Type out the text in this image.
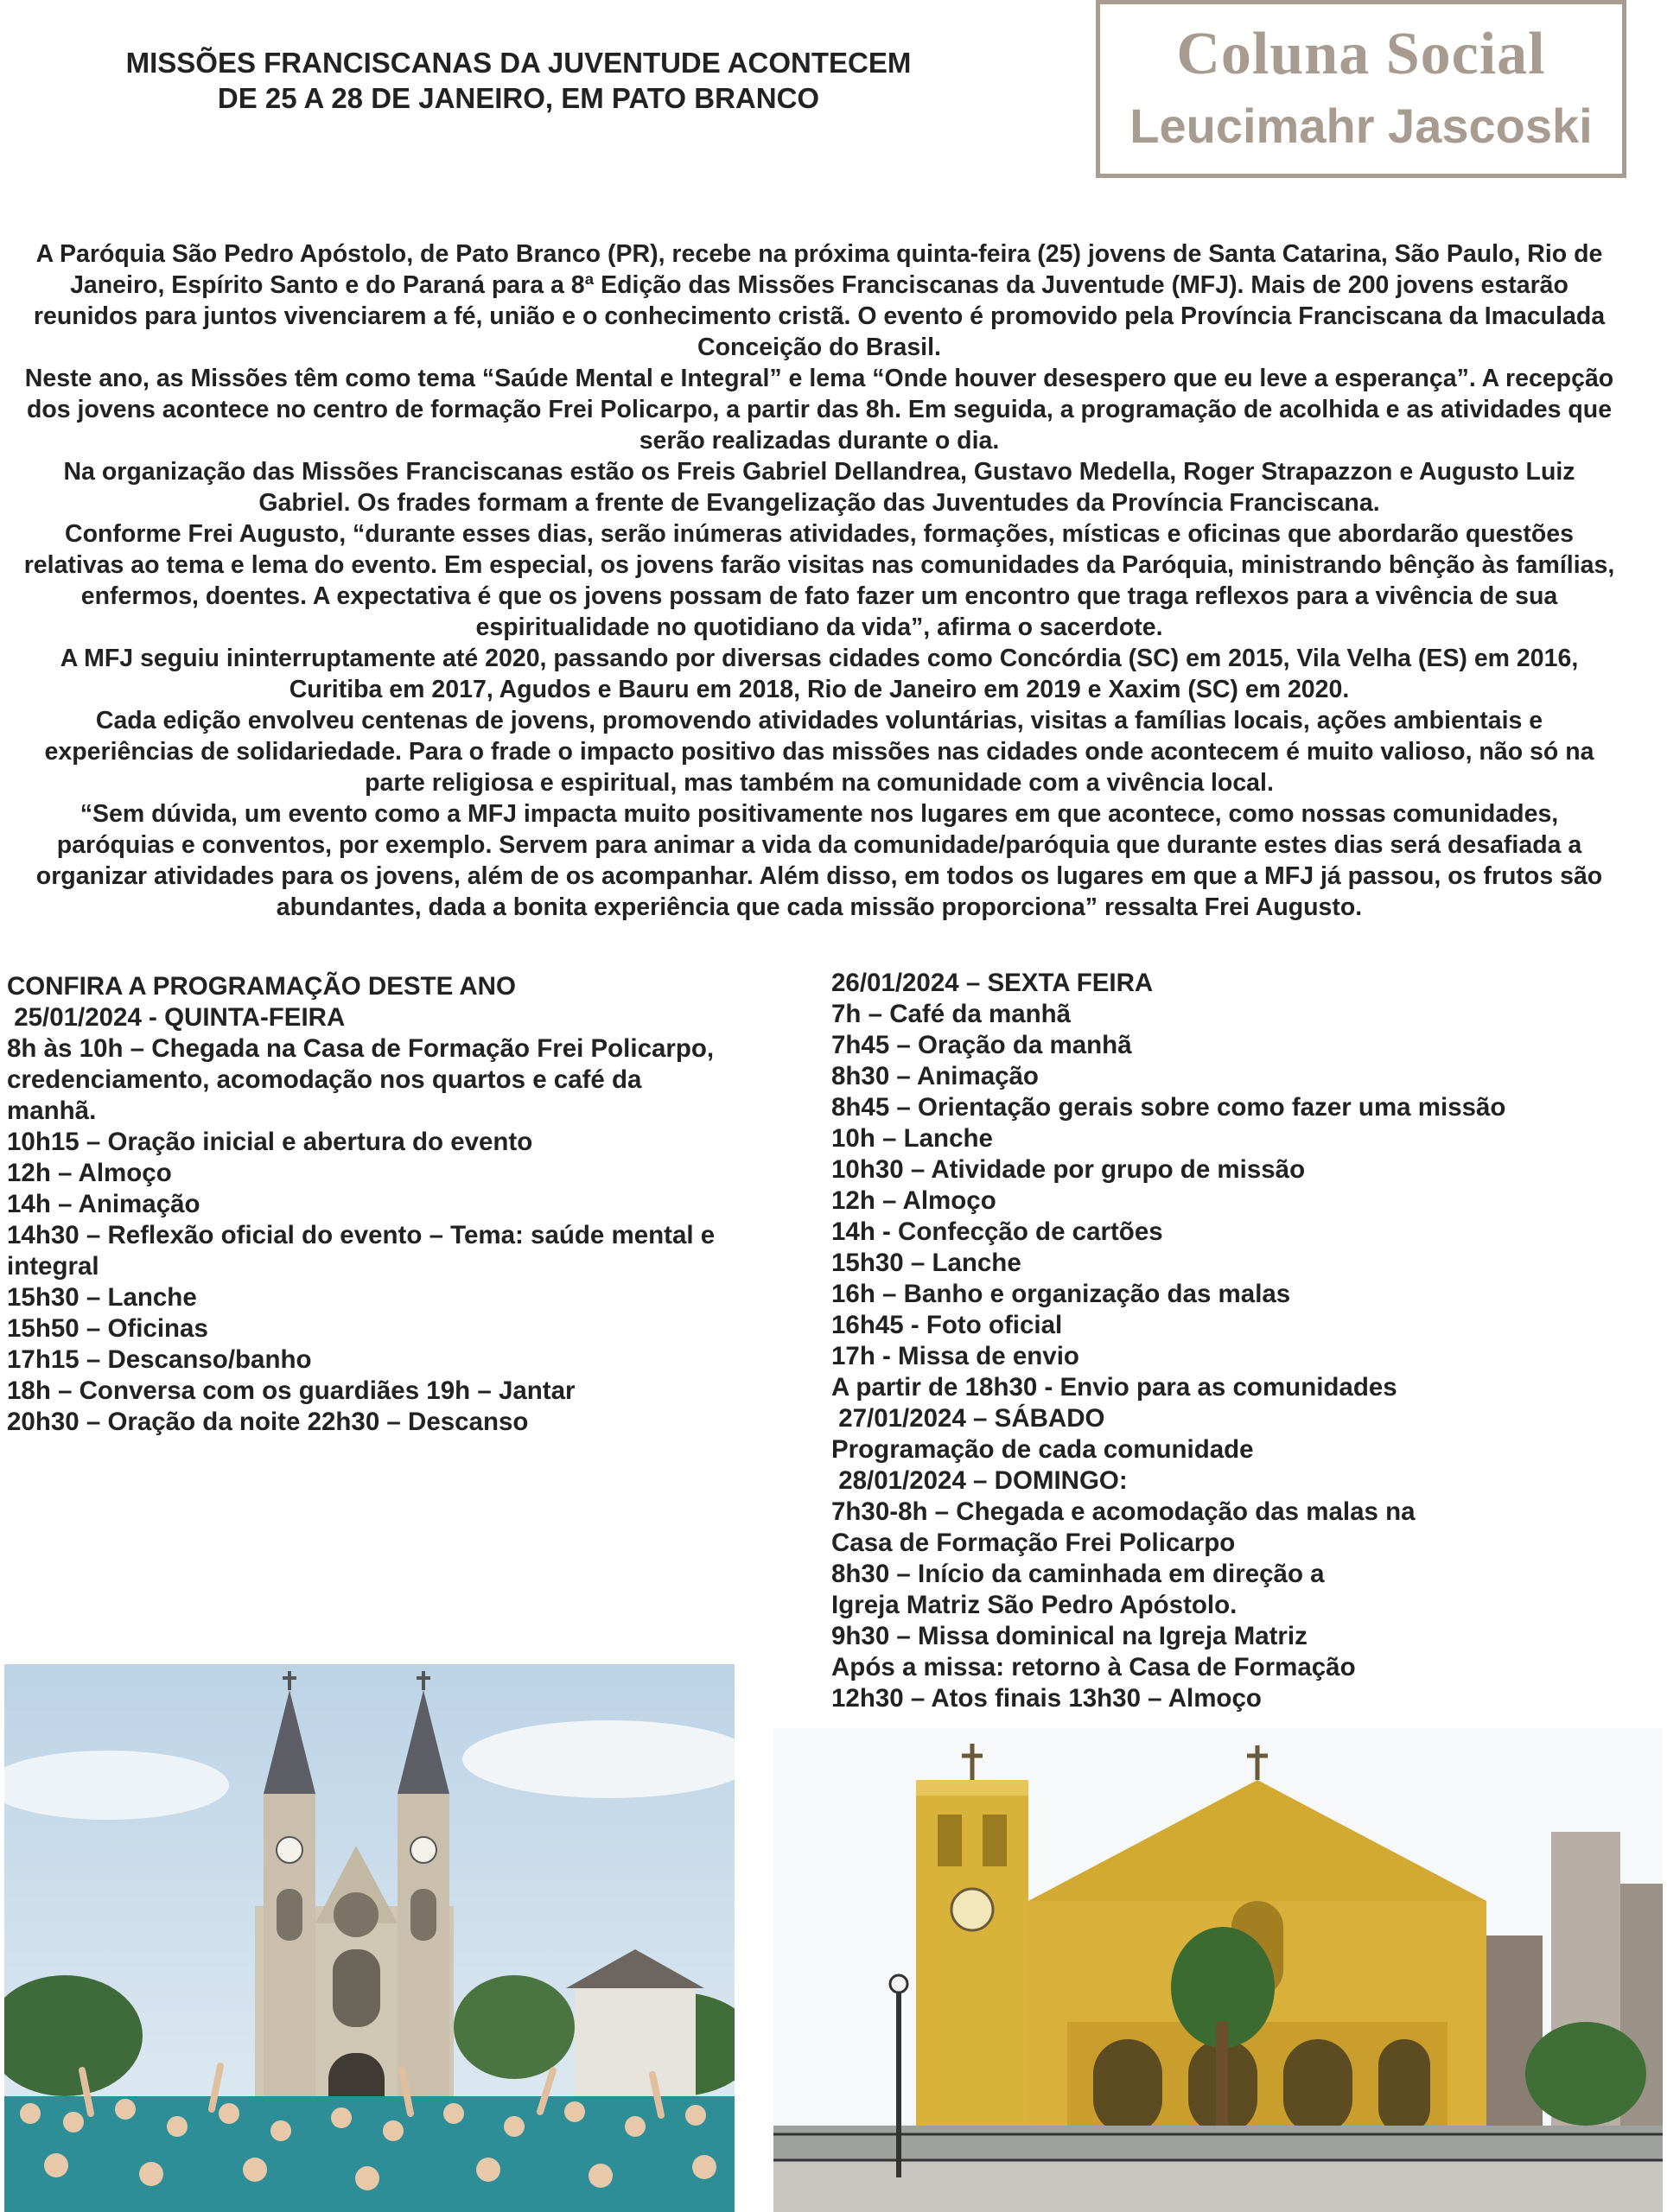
MISSÕES FRANCISCANAS DA JUVENTUDE ACONTECEM
DE 25 A 28 DE JANEIRO, EM PATO BRANCO
Coluna Social
Leucimahr Jascoski

A Paróquia São Pedro Apóstolo, de Pato Branco (PR), recebe na próxima quinta-feira (25) jovens de Santa Catarina, São Paulo, Rio de Janeiro, Espírito Santo e do Paraná para a 8ª Edição das Missões Franciscanas da Juventude (MFJ). Mais de 200 jovens estarão reunidos para juntos vivenciarem a fé, união e o conhecimento cristã. O evento é promovido pela Província Franciscana da Imaculada Conceição do Brasil.

Neste ano, as Missões têm como tema “Saúde Mental e Integral” e lema “Onde houver desespero que eu leve a esperança”. A recepção dos jovens acontece no centro de formação Frei Policarpo, a partir das 8h. Em seguida, a programação de acolhida e as atividades que serão realizadas durante o dia.

Na organização das Missões Franciscanas estão os Freis Gabriel Dellandrea, Gustavo Medella, Roger Strapazzon e Augusto Luiz Gabriel. Os frades formam a frente de Evangelização das Juventudes da Província Franciscana.

Conforme Frei Augusto, “durante esses dias, serão inúmeras atividades, formações, místicas e oficinas que abordarão questões relativas ao tema e lema do evento. Em especial, os jovens farão visitas nas comunidades da Paróquia, ministrando bênção às famílias, enfermos, doentes. A expectativa é que os jovens possam de fato fazer um encontro que traga reflexos para a vivência de sua espiritualidade no quotidiano da vida”, afirma o sacerdote.

A MFJ seguiu ininterruptamente até 2020, passando por diversas cidades como Concórdia (SC) em 2015, Vila Velha (ES) em 2016, Curitiba em 2017, Agudos e Bauru em 2018, Rio de Janeiro em 2019 e Xaxim (SC) em 2020.

Cada edição envolveu centenas de jovens, promovendo atividades voluntárias, visitas a famílias locais, ações ambientais e experiências de solidariedade. Para o frade o impacto positivo das missões nas cidades onde acontecem é muito valioso, não só na parte religiosa e espiritual, mas também na comunidade com a vivência local.

“Sem dúvida, um evento como a MFJ impacta muito positivamente nos lugares em que acontece, como nossas comunidades, paróquias e conventos, por exemplo. Servem para animar a vida da comunidade/paróquia que durante estes dias será desafiada a organizar atividades para os jovens, além de os acompanhar. Além disso, em todos os lugares em que a MFJ já passou, os frutos são abundantes, dada a bonita experiência que cada missão proporciona” ressalta Frei Augusto.

CONFIRA A PROGRAMAÇÃO DESTE ANO
25/01/2024 - QUINTA-FEIRA
8h às 10h – Chegada na Casa de Formação Frei Policarpo,
credenciamento, acomodação nos quartos e café da manhã.
10h15 – Oração inicial e abertura do evento
12h – Almoço
14h – Animação
14h30 – Reflexão oficial do evento – Tema: saúde mental e integral
15h30 – Lanche
15h50 – Oficinas
17h15 – Descanso/banho
18h – Conversa com os guardiães 19h – Jantar
20h30 – Oração da noite 22h30 – Descanso
26/01/2024 – SEXTA FEIRA
7h – Café da manhã
7h45 – Oração da manhã
8h30 – Animação
8h45 – Orientação gerais sobre como fazer uma missão
10h – Lanche
10h30 – Atividade por grupo de missão
12h – Almoço
14h - Confecção de cartões
15h30 – Lanche
16h – Banho e organização das malas
16h45 - Foto oficial
17h - Missa de envio
A partir de 18h30 - Envio para as comunidades
27/01/2024 – SÁBADO
Programação de cada comunidade
28/01/2024 – DOMINGO:
7h30-8h – Chegada e acomodação das malas na
Casa de Formação Frei Policarpo
8h30 – Início da caminhada em direção a
Igreja Matriz São Pedro Apóstolo.
9h30 – Missa dominical na Igreja Matriz
Após a missa: retorno à Casa de Formação
12h30 – Atos finais 13h30 – Almoço
